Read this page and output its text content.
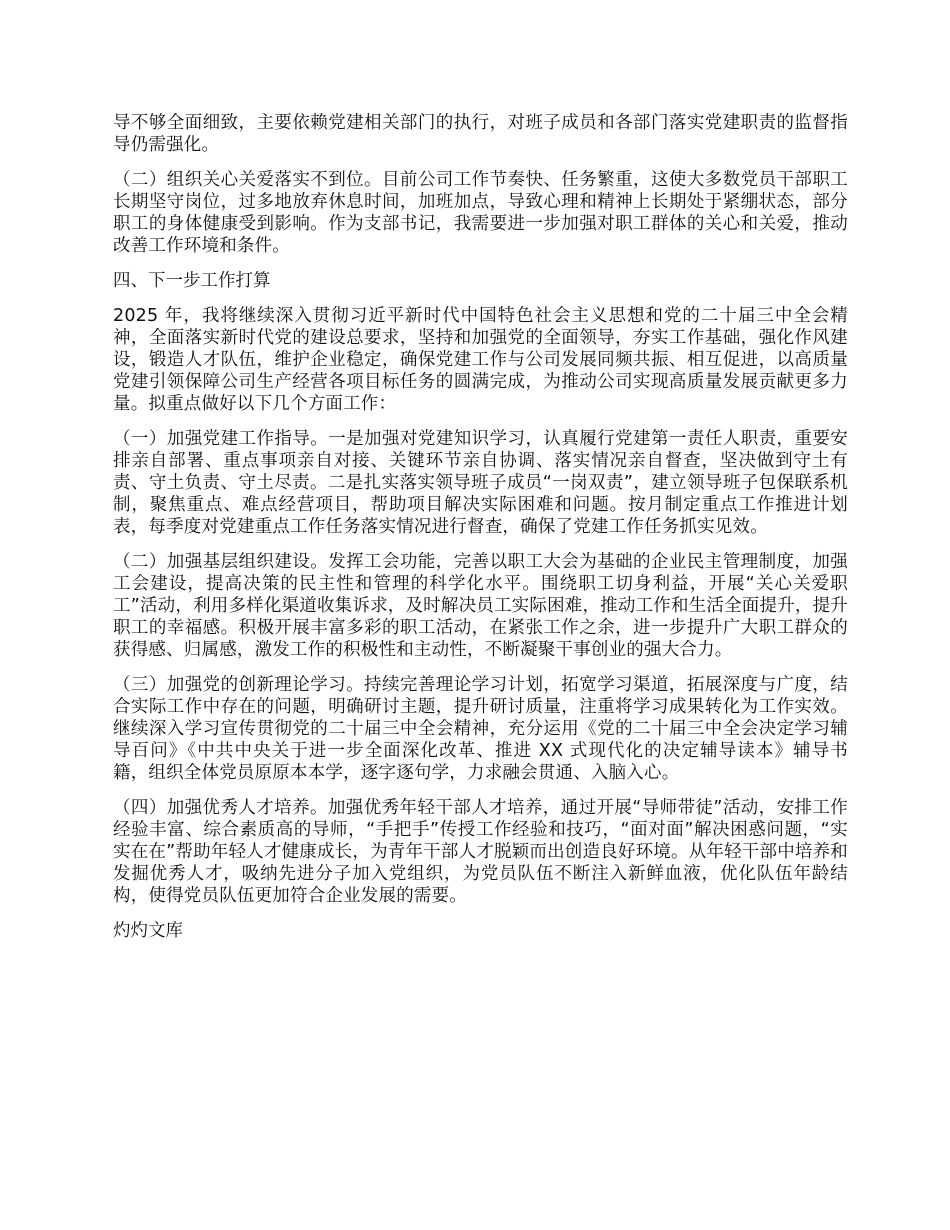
导不够全面细致，主要依赖党建相关部门的执行，对班子成员和各部门落实党建职责的监督指导仍需强化。

（二）组织关心关爱落实不到位。目前公司工作节奏快、任务繁重，这使大多数党员干部职工长期坚守岗位，过多地放弃休息时间，加班加点，导致心理和精神上长期处于紧绷状态，部分职工的身体健康受到影响。作为支部书记，我需要进一步加强对职工群体的关心和关爱，推动改善工作环境和条件。

四、下一步工作打算

2025 年，我将继续深入贯彻习近平新时代中国特色社会主义思想和党的二十届三中全会精神，全面落实新时代党的建设总要求，坚持和加强党的全面领导，夯实工作基础，强化作风建设，锻造人才队伍，维护企业稳定，确保党建工作与公司发展同频共振、相互促进，以高质量党建引领保障公司生产经营各项目标任务的圆满完成，为推动公司实现高质量发展贡献更多力量。拟重点做好以下几个方面工作：

（一）加强党建工作指导。一是加强对党建知识学习，认真履行党建第一责任人职责，重要安排亲自部署、重点事项亲自对接、关键环节亲自协调、落实情况亲自督查，坚决做到守土有责、守土负责、守土尽责。二是扎实落实领导班子成员“一岗双责”，建立领导班子包保联系机制，聚焦重点、难点经营项目，帮助项目解决实际困难和问题。按月制定重点工作推进计划表，每季度对党建重点工作任务落实情况进行督查，确保了党建工作任务抓实见效。

（二）加强基层组织建设。发挥工会功能，完善以职工大会为基础的企业民主管理制度，加强工会建设，提高决策的民主性和管理的科学化水平。围绕职工切身利益，开展“关心关爱职工”活动，利用多样化渠道收集诉求，及时解决员工实际困难，推动工作和生活全面提升，提升职工的幸福感。积极开展丰富多彩的职工活动，在紧张工作之余，进一步提升广大职工群众的获得感、归属感，激发工作的积极性和主动性，不断凝聚干事创业的强大合力。

（三）加强党的创新理论学习。持续完善理论学习计划，拓宽学习渠道，拓展深度与广度，结合实际工作中存在的问题，明确研讨主题，提升研讨质量，注重将学习成果转化为工作实效。继续深入学习宣传贯彻党的二十届三中全会精神，充分运用《党的二十届三中全会决定学习辅导百问》《中共中央关于进一步全面深化改革、推进 XX 式现代化的决定辅导读本》辅导书籍，组织全体党员原原本本学，逐字逐句学，力求融会贯通、入脑入心。

（四）加强优秀人才培养。加强优秀年轻干部人才培养，通过开展“导师带徒”活动，安排工作经验丰富、综合素质高的导师，“手把手”传授工作经验和技巧，“面对面”解决困惑问题，“实实在在”帮助年轻人才健康成长，为青年干部人才脱颖而出创造良好环境。从年轻干部中培养和发掘优秀人才，吸纳先进分子加入党组织，为党员队伍不断注入新鲜血液，优化队伍年龄结构，使得党员队伍更加符合企业发展的需要。

灼灼文库
